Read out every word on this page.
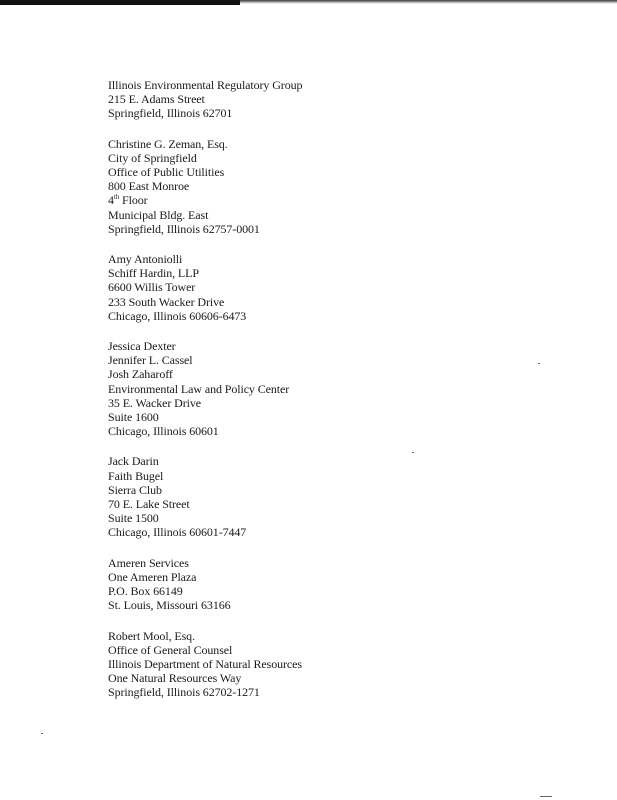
Illinois Environmental Regulatory Group
215 E. Adams Street
Springfield, Illinois 62701
Christine G. Zeman, Esq.
City of Springfield
Office of Public Utilities
800 East Monroe
4th Floor
Municipal Bldg. East
Springfield, Illinois 62757-0001
Amy Antoniolli
Schiff Hardin, LLP
6600 Willis Tower
233 South Wacker Drive
Chicago, Illinois 60606-6473
Jessica Dexter
Jennifer L. Cassel
Josh Zaharoff
Environmental Law and Policy Center
35 E. Wacker Drive
Suite 1600
Chicago, Illinois 60601
Jack Darin
Faith Bugel
Sierra Club
70 E. Lake Street
Suite 1500
Chicago, Illinois 60601-7447
Ameren Services
One Ameren Plaza
P.O. Box 66149
St. Louis, Missouri 63166
Robert Mool, Esq.
Office of General Counsel
Illinois Department of Natural Resources
One Natural Resources Way
Springfield, Illinois 62702-1271
